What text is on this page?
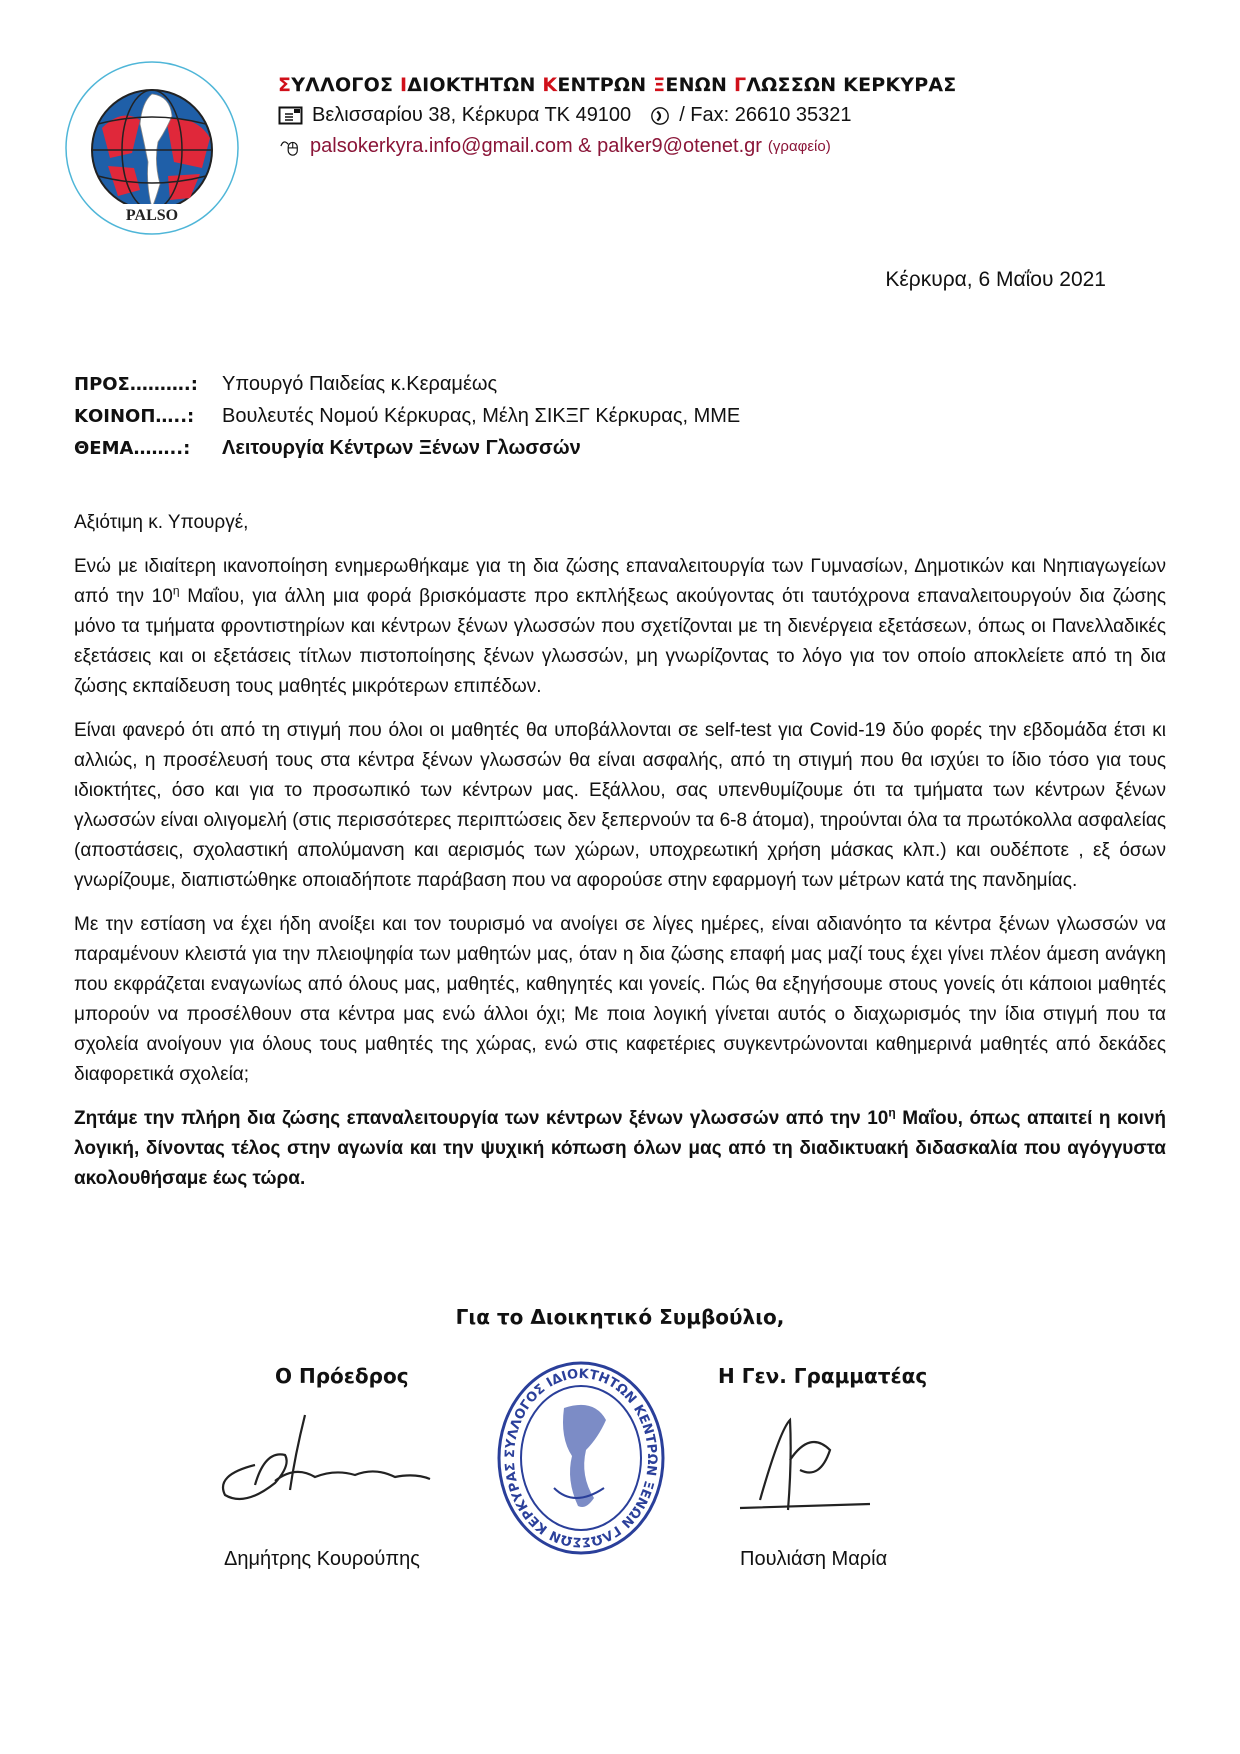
PALSO
ΣΥΛΛΟΓΟΣ ΙΔΙΟΚΤΗΤΩΝ ΚΕΝΤΡΩΝ ΞΕΝΩΝ ΓΛΩΣΣΩΝ ΚΕΡΚΥΡΑΣ
Βελισσαρίου 38, Κέρκυρα ΤΚ 49100 / Fax: 26610 35321
palsokerkyra.info@gmail.com & palker9@otenet.gr (γραφείο)
Κέρκυρα, 6 Μαΐου 2021
ΠΡΟΣ……….:	Υπουργό Παιδείας κ.Κεραμέως
ΚΟΙΝΟΠ…..:	Βουλευτές Νομού Κέρκυρας, Μέλη ΣΙΚΞΓ Κέρκυρας, ΜΜΕ
ΘΕΜΑ……..:	Λειτουργία Κέντρων Ξένων Γλωσσών

Αξιότιμη κ. Υπουργέ,

Ενώ με ιδιαίτερη ικανοποίηση ενημερωθήκαμε για τη δια ζώσης επαναλειτουργία των Γυμνασίων, Δημοτικών και Νηπιαγωγείων από την $10^\eta$ Μαΐου, για άλλη μια φορά βρισκόμαστε προ εκπλήξεως ακούγοντας ότι ταυτόχρονα επαναλειτουργούν δια ζώσης μόνο τα τμήματα φροντιστηρίων και κέντρων ξένων γλωσσών που σχετίζονται με τη διενέργεια εξετάσεων, όπως οι Πανελλαδικές εξετάσεις και οι εξετάσεις τίτλων πιστοποίησης ξένων γλωσσών, μη γνωρίζοντας το λόγο για τον οποίο αποκλείετε από τη δια ζώσης εκπαίδευση τους μαθητές μικρότερων επιπέδων.

Είναι φανερό ότι από τη στιγμή που όλοι οι μαθητές θα υποβάλλονται σε self-test για Covid-19 δύο φορές την εβδομάδα έτσι κι αλλιώς, η προσέλευσή τους στα κέντρα ξένων γλωσσών θα είναι ασφαλής, από τη στιγμή που θα ισχύει το ίδιο τόσο για τους ιδιοκτήτες, όσο και για το προσωπικό των κέντρων μας. Εξάλλου, σας υπενθυμίζουμε ότι τα τμήματα των κέντρων ξένων γλωσσών είναι ολιγομελή (στις περισσότερες περιπτώσεις δεν ξεπερνούν τα 6-8 άτομα), τηρούνται όλα τα πρωτόκολλα ασφαλείας (αποστάσεις, σχολαστική απολύμανση και αερισμός των χώρων, υποχρεωτική χρήση μάσκας κλπ.) και ουδέποτε , εξ όσων γνωρίζουμε, διαπιστώθηκε οποιαδήποτε παράβαση που να αφορούσε στην εφαρμογή των μέτρων κατά της πανδημίας.

Με την εστίαση να έχει ήδη ανοίξει και τον τουρισμό να ανοίγει σε λίγες ημέρες, είναι αδιανόητο τα κέντρα ξένων γλωσσών να παραμένουν κλειστά για την πλειοψηφία των μαθητών μας, όταν η δια ζώσης επαφή μας μαζί τους έχει γίνει πλέον άμεση ανάγκη που εκφράζεται εναγωνίως από όλους μας, μαθητές, καθηγητές και γονείς. Πώς θα εξηγήσουμε στους γονείς ότι κάποιοι μαθητές μπορούν να προσέλθουν στα κέντρα μας ενώ άλλοι όχι; Με ποια λογική γίνεται αυτός ο διαχωρισμός την ίδια στιγμή που τα σχολεία ανοίγουν για όλους τους μαθητές της χώρας, ενώ στις καφετέριες συγκεντρώνονται καθημερινά μαθητές από δεκάδες διαφορετικά σχολεία;

Ζητάμε την πλήρη δια ζώσης επαναλειτουργία των κέντρων ξένων γλωσσών από την $10^\eta$ Μαΐου, όπως απαιτεί η κοινή λογική, δίνοντας τέλος στην αγωνία και την ψυχική κόπωση όλων μας από τη διαδικτυακή διδασκαλία που αγόγγυστα ακολουθήσαμε έως τώρα.

Για το Διοικητικό Συμβούλιο,
Ο Πρόεδρος	Η Γεν. Γραμματέας
ΣΥΛΛΟΓΟΣ ΙΔΙΟΚΤΗΤΩΝ ΚΕΝΤΡΩΝ ΞΕΝΩΝ ΓΛΩΣΣΩΝ ΚΕΡΚΥΡΑΣ
Δημήτρης Κουρούπης	Πουλιάση Μαρία
